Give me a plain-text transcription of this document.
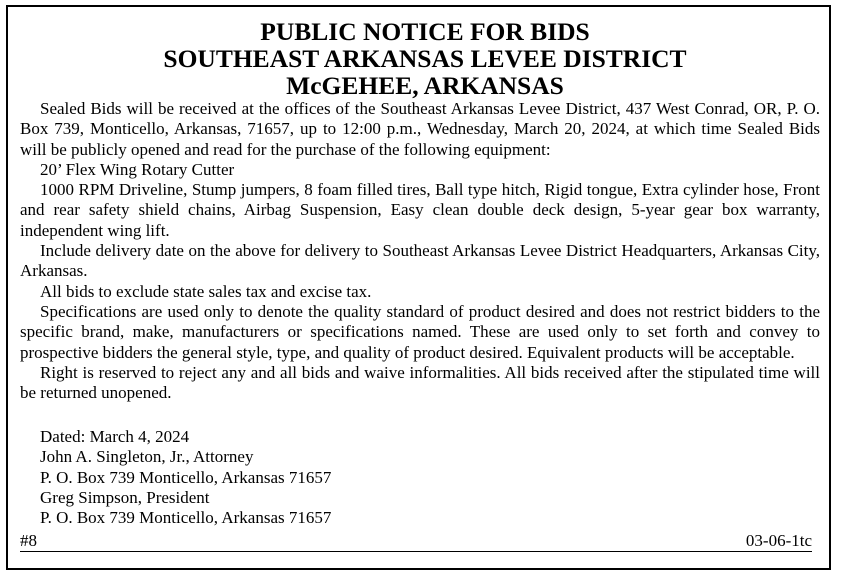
PUBLIC NOTICE FOR BIDS
SOUTHEAST ARKANSAS LEVEE DISTRICT
McGEHEE, ARKANSAS

Sealed Bids will be received at the offices of the Southeast Arkansas Levee District, 437 West Conrad, OR, P. O. Box 739, Monticello, Arkansas, 71657, up to 12:00 p.m., Wednesday, March 20, 2024, at which time Sealed Bids will be publicly opened and read for the purchase of the following equipment:

20’ Flex Wing Rotary Cutter

1000 RPM Driveline, Stump jumpers, 8 foam filled tires, Ball type hitch, Rigid tongue, Extra cylinder hose, Front and rear safety shield chains, Airbag Suspension, Easy clean double deck design, 5-year gear box warranty, independent wing lift.

Include delivery date on the above for delivery to Southeast Arkansas Levee District Headquarters, Arkansas City, Arkansas.

All bids to exclude state sales tax and excise tax.

Specifications are used only to denote the quality standard of product desired and does not restrict bidders to the specific brand, make, manufacturers or specifications named. These are used only to set forth and convey to prospective bidders the general style, type, and quality of product desired. Equivalent products will be acceptable.

Right is reserved to reject any and all bids and waive informalities. All bids received after the stipulated time will be returned unopened.

Dated: March 4, 2024
John A. Singleton, Jr., Attorney
P. O. Box 739 Monticello, Arkansas 71657
Greg Simpson, President
P. O. Box 739 Monticello, Arkansas 71657
#8	03-06-1tc
